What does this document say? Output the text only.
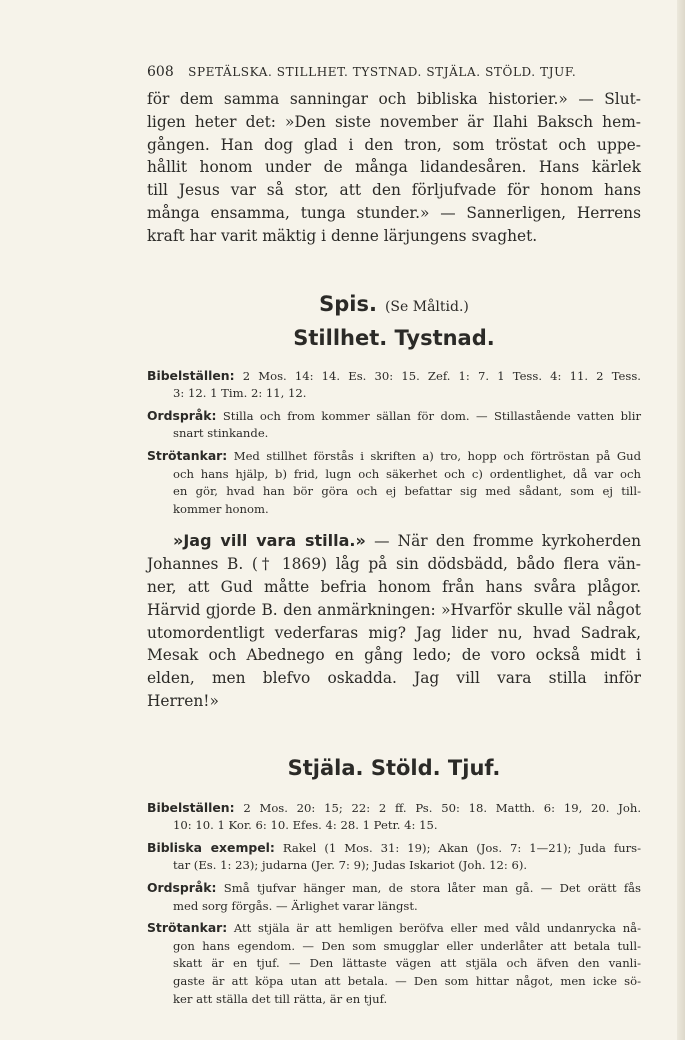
608 SPETÄLSKA. STILLHET. TYSTNAD. STJÄLA. STÖLD. TJUF.

för dem samma sanningar och bibliska historier.» — Slut-
ligen heter det: »Den siste november är Ilahi Baksch hem-
gången. Han dog glad i den tron, som tröstat och uppe-
hållit honom under de många lidandesåren. Hans kärlek
till Jesus var så stor, att den förljufvade för honom hans
många ensamma, tunga stunder.» — Sannerligen, Herrens
kraft har varit mäktig i denne lärjungens svaghet.

Spis. (Se Måltid.)
Stillhet. Tystnad.

Bibelställen: 2 Mos. 14: 14. Es. 30: 15. Zef. 1: 7. 1 Tess. 4: 11. 2 Tess.
3: 12. 1 Tim. 2: 11, 12.

Ordspråk: Stilla och from kommer sällan för dom. — Stillastående vatten blir
snart stinkande.

Strötankar: Med stillhet förstås i skriften a) tro, hopp och förtröstan på Gud
och hans hjälp, b) frid, lugn och säkerhet och c) ordentlighet, då var och
en gör, hvad han bör göra och ej befattar sig med sådant, som ej till-
kommer honom.

»Jag vill vara stilla.» — När den fromme kyrkoherden
Johannes B. († 1869) låg på sin dödsbädd, bådo flera vän-
ner, att Gud måtte befria honom från hans svåra plågor.
Härvid gjorde B. den anmärkningen: »Hvarför skulle väl något
utomordentligt vederfaras mig? Jag lider nu, hvad Sadrak,
Mesak och Abednego en gång ledo; de voro också midt i
elden, men blefvo oskadda. Jag vill vara stilla inför
Herren!»

Stjäla. Stöld. Tjuf.

Bibelställen: 2 Mos. 20: 15; 22: 2 ff. Ps. 50: 18. Matth. 6: 19, 20. Joh.
10: 10. 1 Kor. 6: 10. Efes. 4: 28. 1 Petr. 4: 15.

Bibliska exempel: Rakel (1 Mos. 31: 19); Akan (Jos. 7: 1—21); Juda furs-
tar (Es. 1: 23); judarna (Jer. 7: 9); Judas Iskariot (Joh. 12: 6).

Ordspråk: Små tjufvar hänger man, de stora låter man gå. — Det orätt fås
med sorg förgås. — Ärlighet varar längst.

Strötankar: Att stjäla är att hemligen beröfva eller med våld undanrycka nå-
gon hans egendom. — Den som smugglar eller underlåter att betala tull-
skatt är en tjuf. — Den lättaste vägen att stjäla och äfven den vanli-
gaste är att köpa utan att betala. — Den som hittar något, men icke sö-
ker att ställa det till rätta, är en tjuf.
